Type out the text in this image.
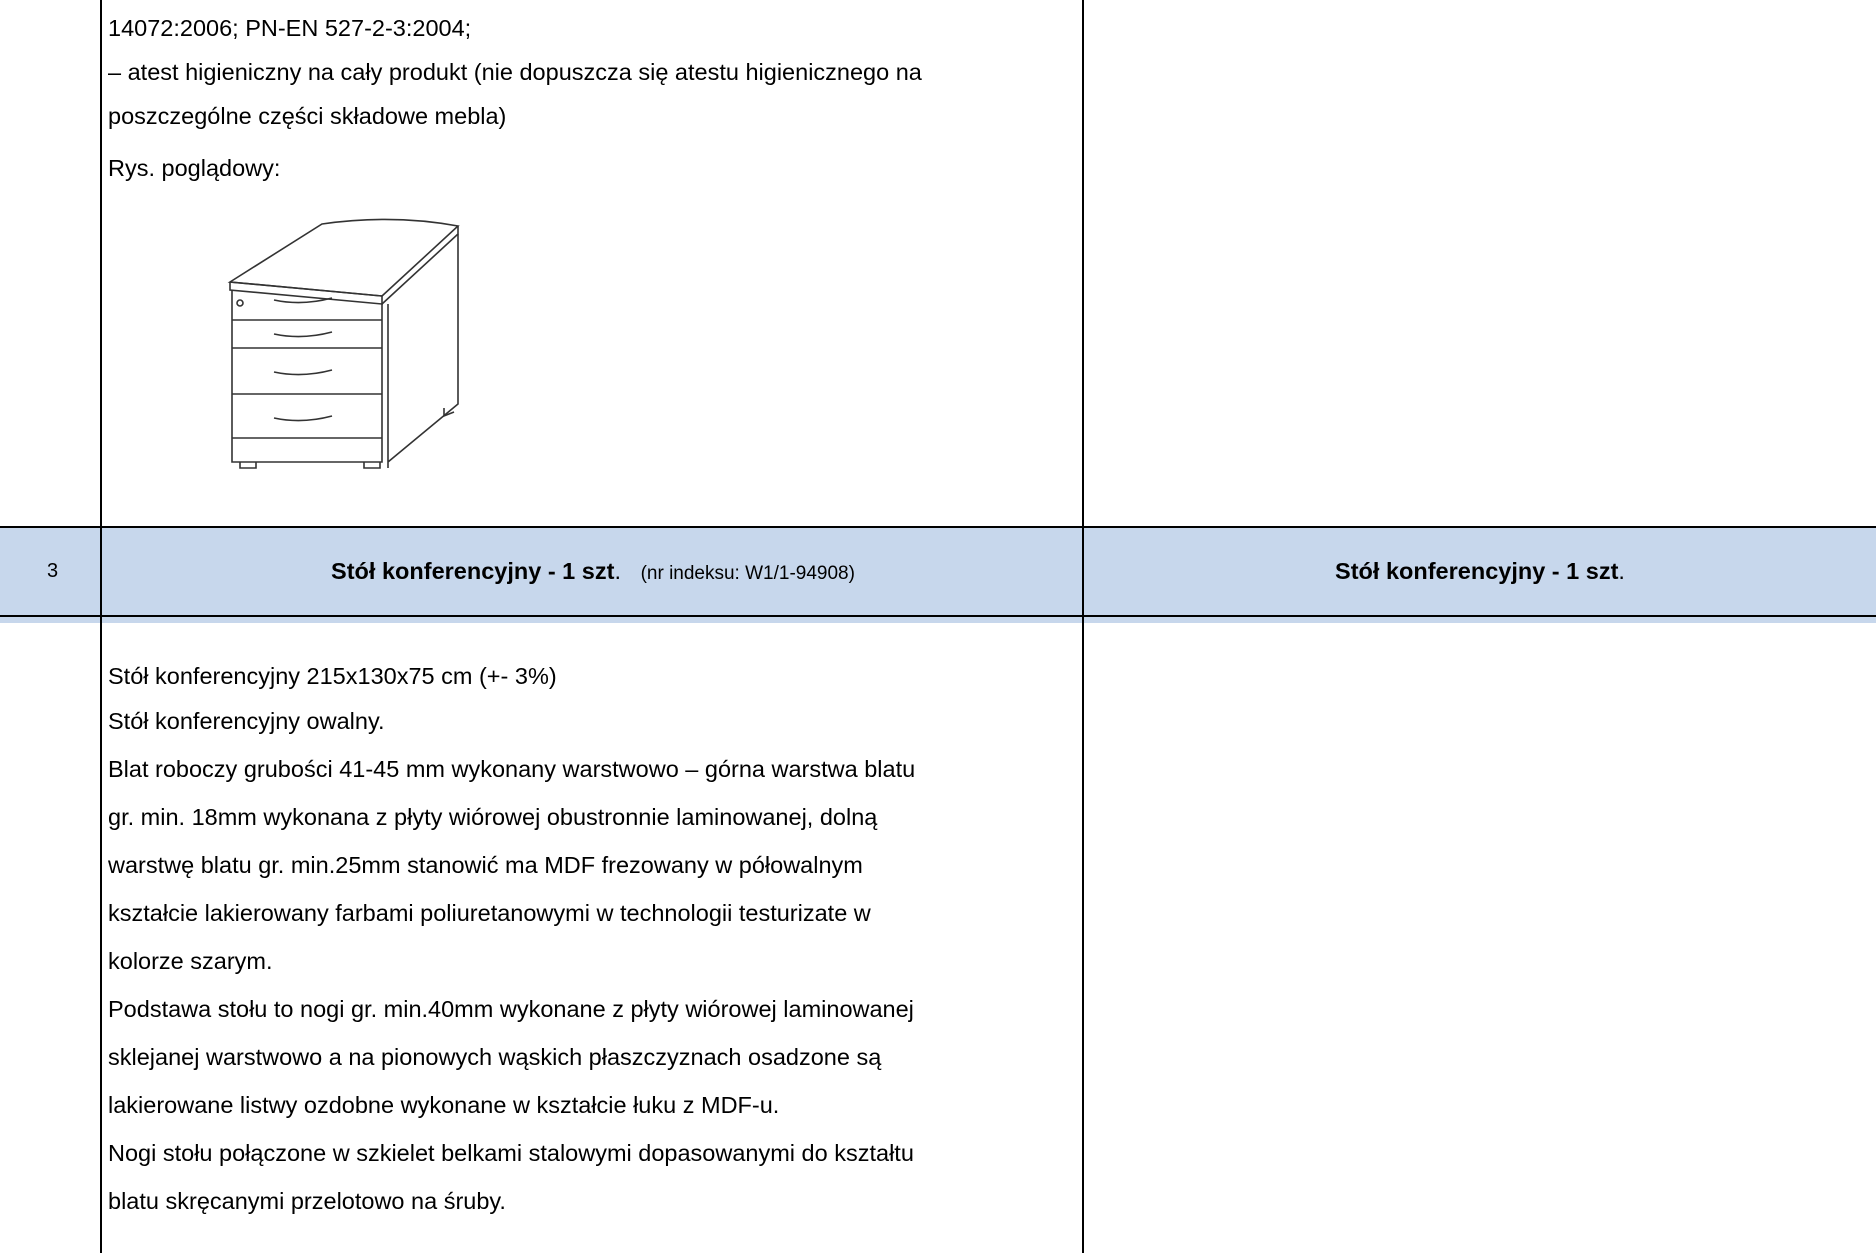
14072:2006; PN-EN 527-2-3:2004;
– atest higieniczny na cały produkt (nie dopuszcza się atestu higienicznego na
poszczególne części składowe mebla)
Rys. poglądowy:
3	Stół konferencyjny - 1 szt. (nr indeksu: W1/1-94908)	Stół konferencyjny - 1 szt.
Stół konferencyjny 215x130x75 cm (+- 3%)
Stół konferencyjny owalny.
Blat roboczy grubości 41-45 mm wykonany warstwowo – górna warstwa blatu
gr. min. 18mm wykonana z płyty wiórowej obustronnie laminowanej, dolną
warstwę blatu gr. min.25mm stanowić ma MDF frezowany w półowalnym
kształcie lakierowany farbami poliuretanowymi w technologii testurizate w
kolorze szarym.
Podstawa stołu to nogi gr. min.40mm wykonane z płyty wiórowej laminowanej
sklejanej warstwowo a na pionowych wąskich płaszczyznach osadzone są
lakierowane listwy ozdobne wykonane w kształcie łuku z MDF-u.
Nogi stołu połączone w szkielet belkami stalowymi dopasowanymi do kształtu
blatu skręcanymi przelotowo na śruby.
